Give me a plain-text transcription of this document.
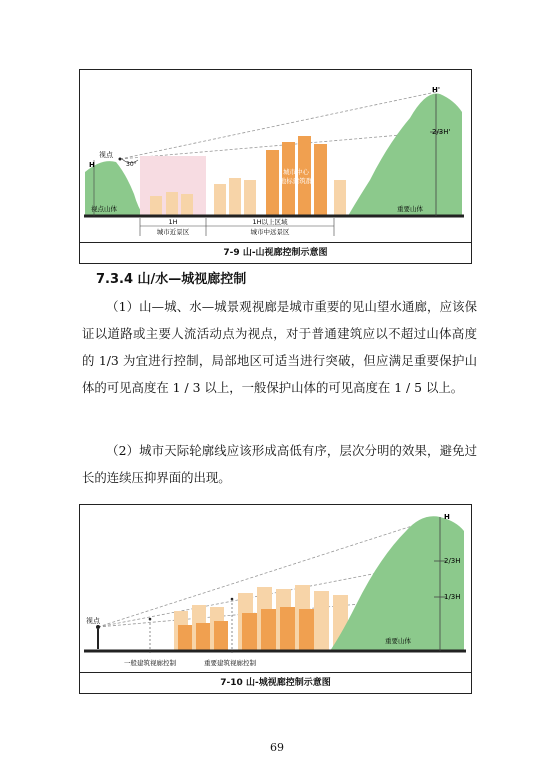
视点
H	30°
H'
2/3H'
城市中心
地标建筑群
视点山体	重要山体
1H
城市近景区
1H以上区域
城市中远景区
7-9 山-山视廊控制示意图
7.3.4 山/水—城视廊控制

（1）山—城、水—城景观视廊是城市重要的见山望水通廊，应该保证以道路或主要人流活动点为视点，对于普通建筑应以不超过山体高度的 1/3 为宜进行控制，局部地区可适当进行突破，但应满足重要保护山体的可见高度在 1 / 3 以上，一般保护山体的可见高度在 1 / 5 以上。

（2）城市天际轮廓线应该形成高低有序，层次分明的效果，避免过长的连续压抑界面的出现。

视点
H
2/3H
1/3H
重要山体
一般建筑视廊控制	重要建筑视廊控制
7-10 山-城视廊控制示意图
69
